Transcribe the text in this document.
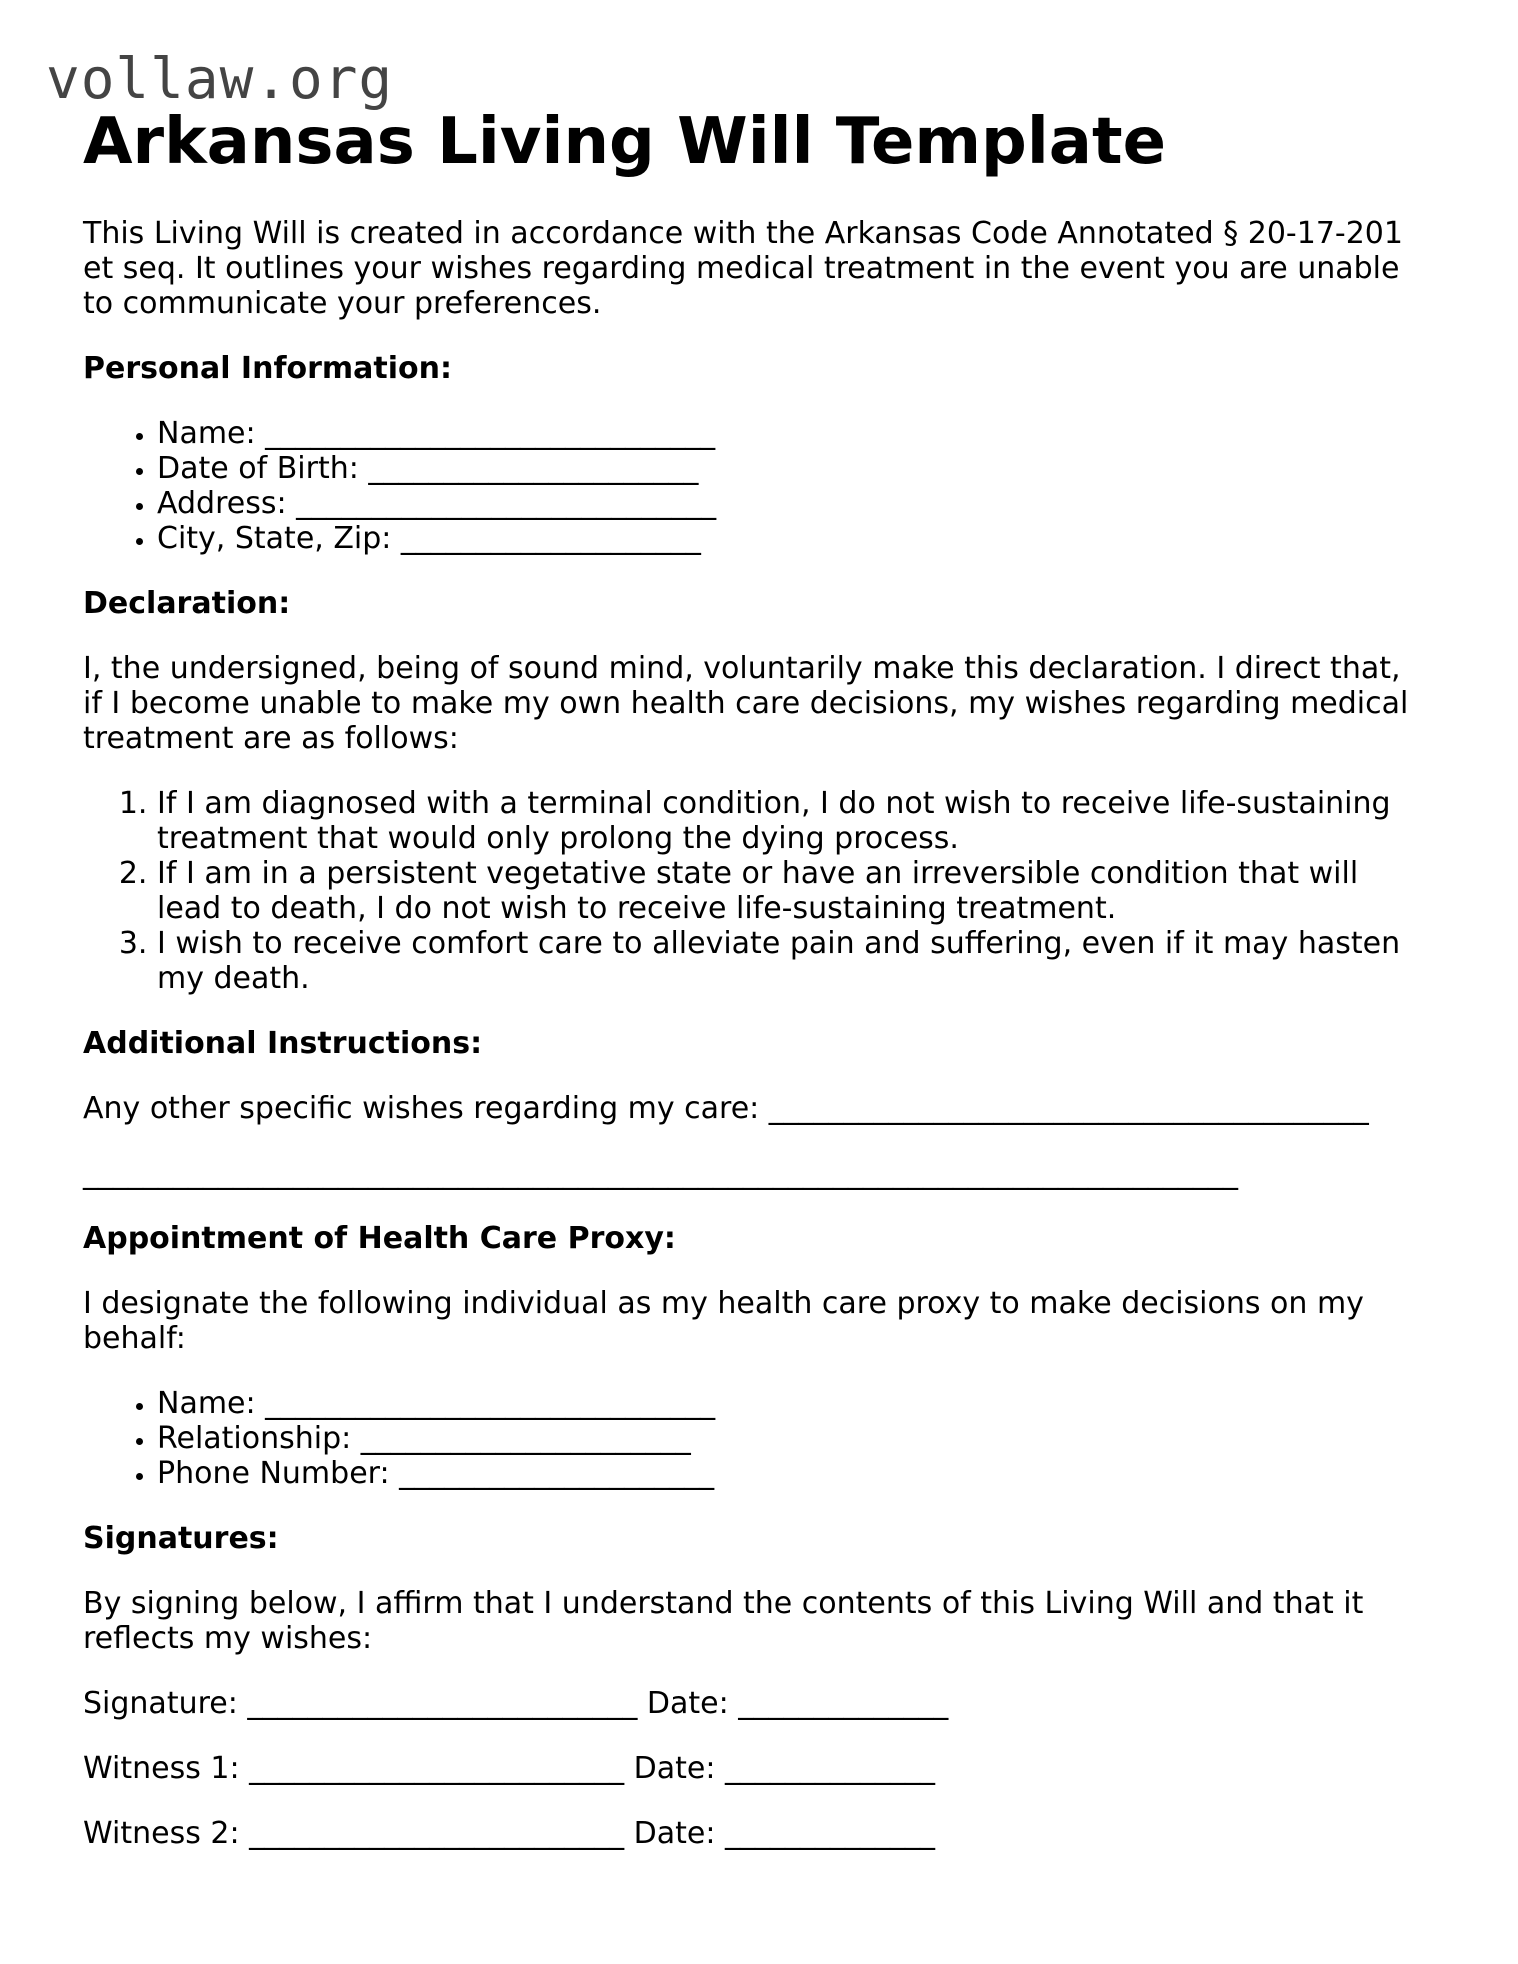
vollaw.org
Arkansas Living Will Template

This Living Will is created in accordance with the Arkansas Code Annotated § 20-17-201 et seq. It outlines your wishes regarding medical treatment in the event you are unable to communicate your preferences.

Personal Information:
• Name: ______________________________
• Date of Birth: ______________________
• Address: ____________________________
• City, State, Zip: ____________________
Declaration:

I, the undersigned, being of sound mind, voluntarily make this declaration. I direct that, if I become unable to make my own health care decisions, my wishes regarding medical treatment are as follows:

1. If I am diagnosed with a terminal condition, I do not wish to receive life-sustaining treatment that would only prolong the dying process.
2. If I am in a persistent vegetative state or have an irreversible condition that will lead to death, I do not wish to receive life-sustaining treatment.
3. I wish to receive comfort care to alleviate pain and suffering, even if it may hasten my death.
Additional Instructions:

Any other specific wishes regarding my care: ________________________________________

_____________________________________________________________________________
Appointment of Health Care Proxy:

I designate the following individual as my health care proxy to make decisions on my behalf:

• Name: ______________________________
• Relationship: ______________________
• Phone Number: _____________________
Signatures:

By signing below, I affirm that I understand the contents of this Living Will and that it reflects my wishes:

Signature: __________________________ Date: ______________
Witness 1: _________________________ Date: ______________
Witness 2: _________________________ Date: ______________
